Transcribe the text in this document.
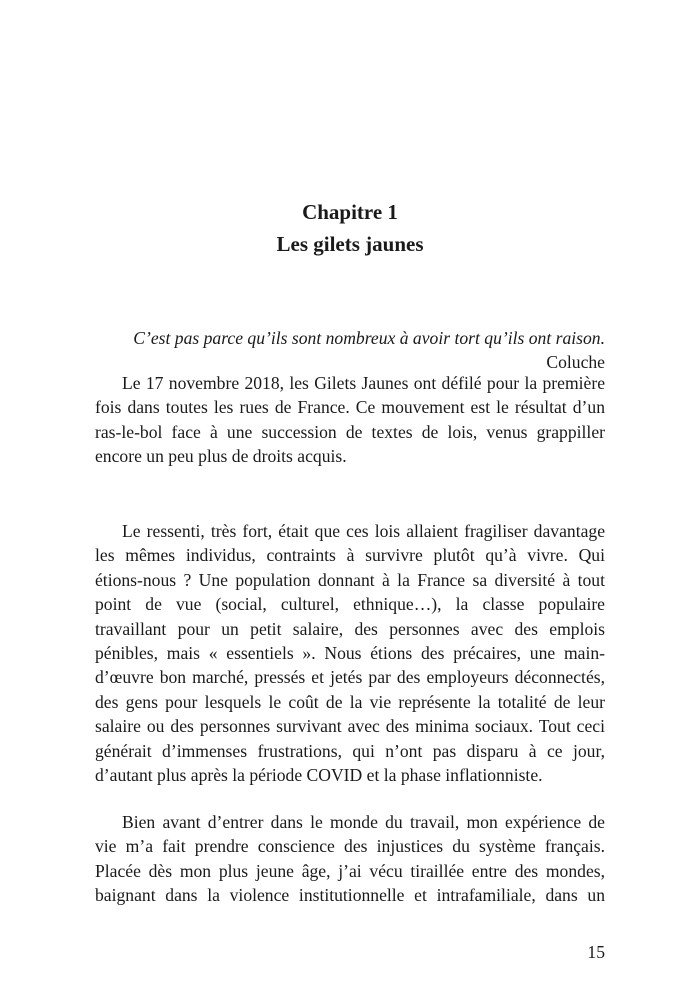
Chapitre 1
Les gilets jaunes
C’est pas parce qu’ils sont nombreux à avoir tort qu’ils ont raison.
Coluche
Le 17 novembre 2018, les Gilets Jaunes ont défilé pour la première
fois dans toutes les rues de France. Ce mouvement est le résultat d’un
ras-le-bol face à une succession de textes de lois, venus grappiller
encore un peu plus de droits acquis.
Le ressenti, très fort, était que ces lois allaient fragiliser davantage
les mêmes individus, contraints à survivre plutôt qu’à vivre. Qui
étions-nous ? Une population donnant à la France sa diversité à tout
point de vue (social, culturel, ethnique…), la classe populaire
travaillant pour un petit salaire, des personnes avec des emplois
pénibles, mais « essentiels ». Nous étions des précaires, une main-
d’œuvre bon marché, pressés et jetés par des employeurs déconnectés,
des gens pour lesquels le coût de la vie représente la totalité de leur
salaire ou des personnes survivant avec des minima sociaux. Tout ceci
générait d’immenses frustrations, qui n’ont pas disparu à ce jour,
d’autant plus après la période COVID et la phase inflationniste.
Bien avant d’entrer dans le monde du travail, mon expérience de
vie m’a fait prendre conscience des injustices du système français.
Placée dès mon plus jeune âge, j’ai vécu tiraillée entre des mondes,
baignant dans la violence institutionnelle et intrafamiliale, dans un
15
